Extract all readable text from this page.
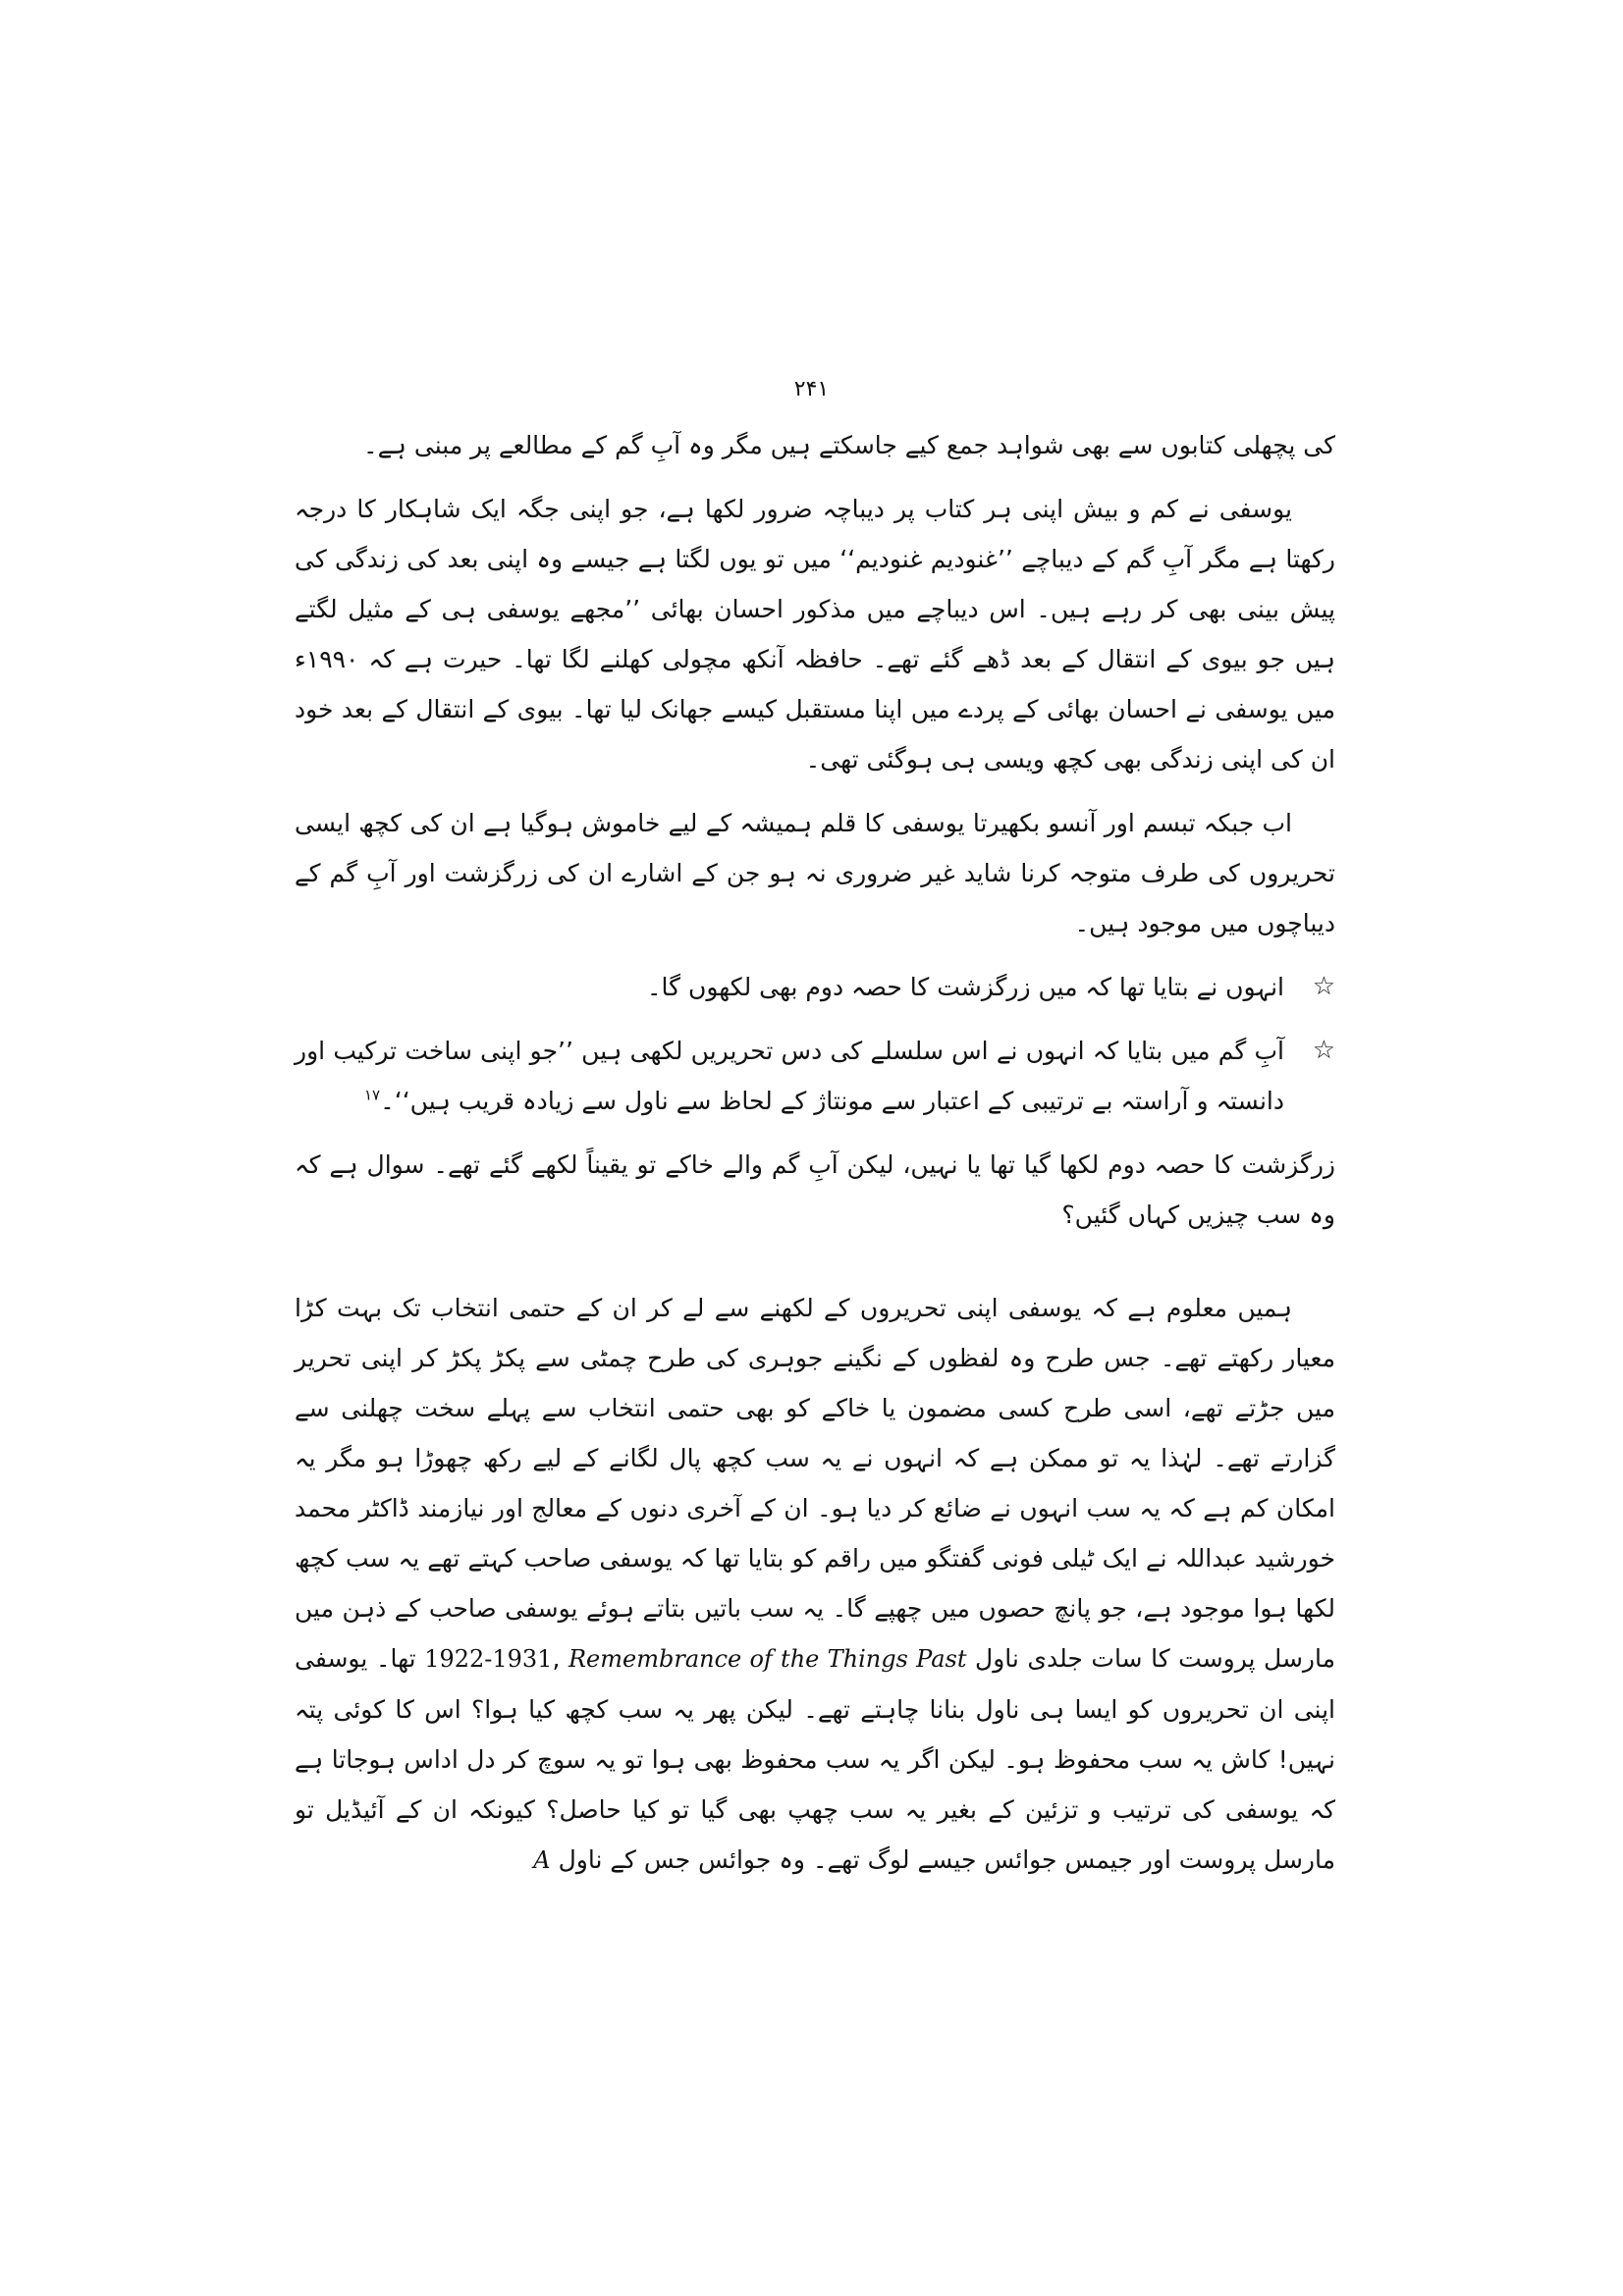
۲۴۱

کی پچھلی کتابوں سے بھی شواہد جمع کیے جاسکتے ہیں مگر وہ آبِ گم کے مطالعے پر مبنی ہے۔

یوسفی نے کم و بیش اپنی ہر کتاب پر دیباچہ ضرور لکھا ہے، جو اپنی جگہ ایک شاہکار کا درجہ رکھتا ہے مگر آبِ گم کے دیباچے ’’غنودیم غنودیم‘‘ میں تو یوں لگتا ہے جیسے وہ اپنی بعد کی زندگی کی پیش بینی بھی کر رہے ہیں۔ اس دیباچے میں مذکور احسان بھائی ’’مجھے یوسفی ہی کے مثیل لگتے ہیں جو بیوی کے انتقال کے بعد ڈھے گئے تھے۔ حافظہ آنکھ مچولی کھلنے لگا تھا۔ حیرت ہے کہ ۱۹۹۰ء میں یوسفی نے احسان بھائی کے پردے میں اپنا مستقبل کیسے جھانک لیا تھا۔ بیوی کے انتقال کے بعد خود ان کی اپنی زندگی بھی کچھ ویسی ہی ہوگئی تھی۔

اب جبکہ تبسم اور آنسو بکھیرتا یوسفی کا قلم ہمیشہ کے لیے خاموش ہوگیا ہے ان کی کچھ ایسی تحریروں کی طرف متوجہ کرنا شاید غیر ضروری نہ ہو جن کے اشارے ان کی زرگزشت اور آبِ گم کے دیباچوں میں موجود ہیں۔

☆
انہوں نے بتایا تھا کہ میں زرگزشت کا حصہ دوم بھی لکھوں گا۔

☆
آبِ گم میں بتایا کہ انہوں نے اس سلسلے کی دس تحریریں لکھی ہیں ’’جو اپنی ساخت ترکیب اور دانستہ و آراستہ بے ترتیبی کے اعتبار سے مونتاژ کے لحاظ سے ناول سے زیادہ قریب ہیں‘‘۔$^{۱۷}$

زرگزشت کا حصہ دوم لکھا گیا تھا یا نہیں، لیکن آبِ گم والے خاکے تو یقیناً لکھے گئے تھے۔ سوال ہے کہ وہ سب چیزیں کہاں گئیں؟

ہمیں معلوم ہے کہ یوسفی اپنی تحریروں کے لکھنے سے لے کر ان کے حتمی انتخاب تک بہت کڑا معیار رکھتے تھے۔ جس طرح وہ لفظوں کے نگینے جوہری کی طرح چمٹی سے پکڑ پکڑ کر اپنی تحریر میں جڑتے تھے، اسی طرح کسی مضمون یا خاکے کو بھی حتمی انتخاب سے پہلے سخت چھلنی سے گزارتے تھے۔ لہٰذا یہ تو ممکن ہے کہ انہوں نے یہ سب کچھ پال لگانے کے لیے رکھ چھوڑا ہو مگر یہ امکان کم ہے کہ یہ سب انہوں نے ضائع کر دیا ہو۔ ان کے آخری دنوں کے معالج اور نیازمند ڈاکٹر محمد خورشید عبداللہ نے ایک ٹیلی فونی گفتگو میں راقم کو بتایا تھا کہ یوسفی صاحب کہتے تھے یہ سب کچھ لکھا ہوا موجود ہے، جو پانچ حصوں میں چھپے گا۔ یہ سب باتیں بتاتے ہوئے یوسفی صاحب کے ذہن میں مارسل پروست کا سات جلدی ناول 1922-1931, Remembrance of the Things Past تھا۔ یوسفی اپنی ان تحریروں کو ایسا ہی ناول بنانا چاہتے تھے۔ لیکن پھر یہ سب کچھ کیا ہوا؟ اس کا کوئی پتہ نہیں! کاش یہ سب محفوظ ہو۔ لیکن اگر یہ سب محفوظ بھی ہوا تو یہ سوچ کر دل اداس ہوجاتا ہے کہ یوسفی کی ترتیب و تزئین کے بغیر یہ سب چھپ بھی گیا تو کیا حاصل؟ کیونکہ ان کے آئیڈیل تو مارسل پروست اور جیمس جوائس جیسے لوگ تھے۔ وہ جوائس جس کے ناول A
